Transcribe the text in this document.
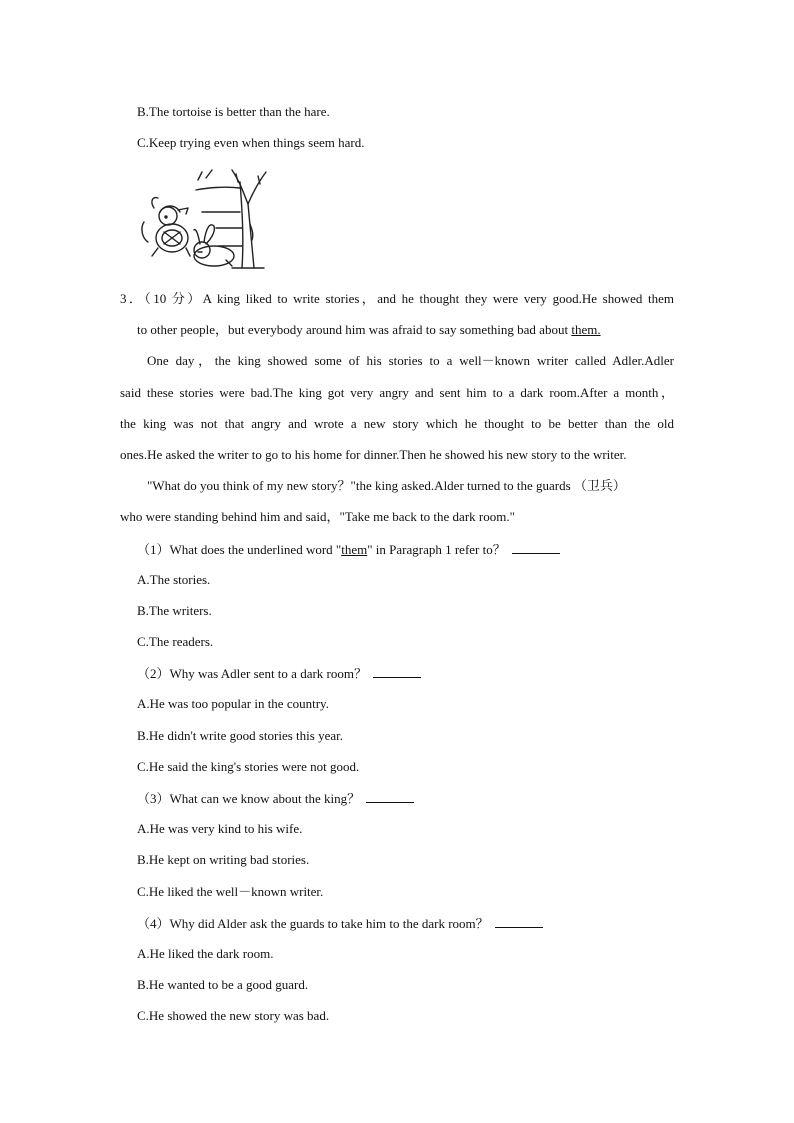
B.The tortoise is better than the hare.
C.Keep trying even when things seem hard.
3．（10 分）A king liked to write stories，and he thought they were very good.He showed them
to other people，but everybody around him was afraid to say something bad about them.
One day，the king showed some of his stories to a well－known writer called Adler.Adler
said these stories were bad.The king got very angry and sent him to a dark room.After a month，
the king was not that angry and wrote a new story which he thought to be better than the old
ones.He asked the writer to go to his home for dinner.Then he showed his new story to the writer.
"What do you think of my new story？"the king asked.Alder turned to the guards （卫兵）
who were standing behind him and said，"Take me back to the dark room."
（1）What does the underlined word "them" in Paragraph 1 refer to？
A.The stories.
B.The writers.
C.The readers.
（2）Why was Adler sent to a dark room？
A.He was too popular in the country.
B.He didn't write good stories this year.
C.He said the king's stories were not good.
（3）What can we know about the king？
A.He was very kind to his wife.
B.He kept on writing bad stories.
C.He liked the well－known writer.
（4）Why did Alder ask the guards to take him to the dark room？
A.He liked the dark room.
B.He wanted to be a good guard.
C.He showed the new story was bad.
